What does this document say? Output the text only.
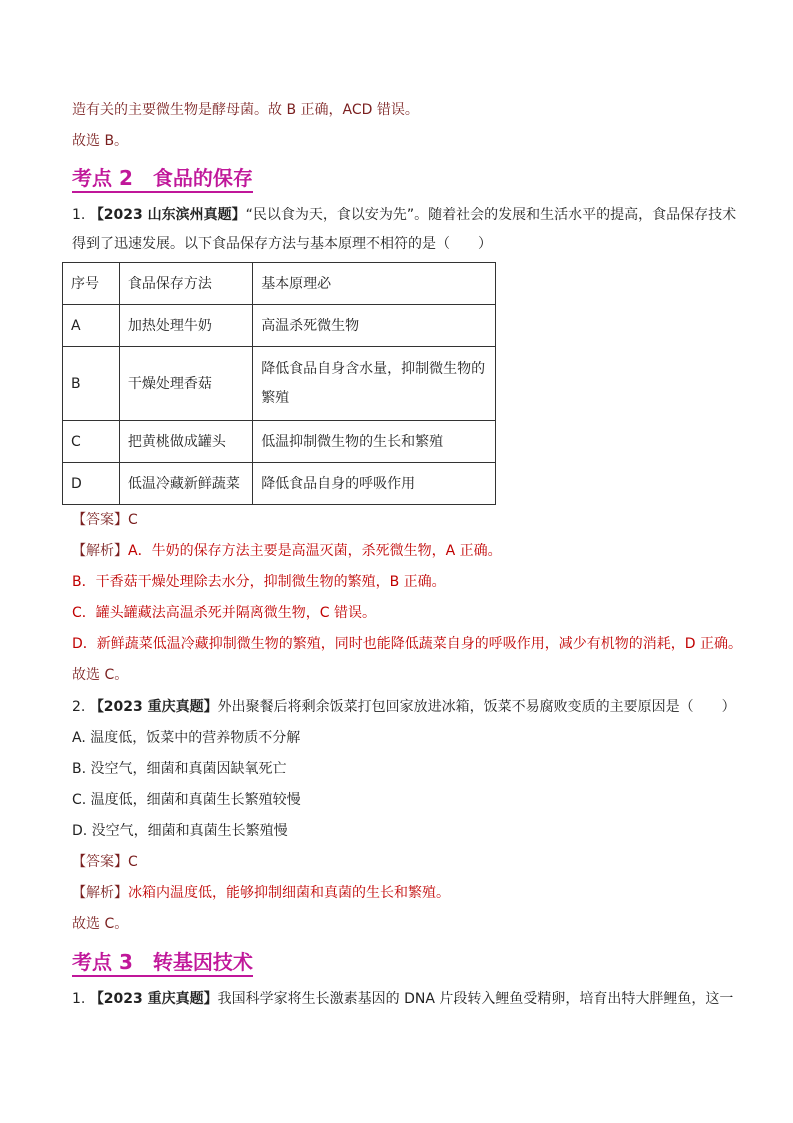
造有关的主要微生物是酵母菌。故 B 正确，ACD 错误。
故选 B。
考点 2　食品的保存
1. 【2023 山东滨州真题】“民以食为天，食以安为先”。随着社会的发展和生活水平的提高，食品保存技术
得到了迅速发展。以下食品保存方法与基本原理不相符的是（　　）
序号	食品保存方法	基本原理必
A	加热处理牛奶	高温杀死微生物
B	干燥处理香菇	降低食品自身含水量，抑制微生物的繁殖
C	把黄桃做成罐头	低温抑制微生物的生长和繁殖
D	低温冷藏新鲜蔬菜	降低食品自身的呼吸作用
【答案】C
【解析】A．牛奶的保存方法主要是高温灭菌，杀死微生物，A 正确。
B．干香菇干燥处理除去水分，抑制微生物的繁殖，B 正确。
C．罐头罐藏法高温杀死并隔离微生物，C 错误。
D．新鲜蔬菜低温冷藏抑制微生物的繁殖，同时也能降低蔬菜自身的呼吸作用，减少有机物的消耗，D 正确。
故选 C。
2. 【2023 重庆真题】外出聚餐后将剩余饭菜打包回家放进冰箱，饭菜不易腐败变质的主要原因是（　　）
A. 温度低，饭菜中的营养物质不分解
B. 没空气，细菌和真菌因缺氧死亡
C. 温度低，细菌和真菌生长繁殖较慢
D. 没空气，细菌和真菌生长繁殖慢
【答案】C
【解析】冰箱内温度低，能够抑制细菌和真菌的生长和繁殖。
故选 C。
考点 3　转基因技术
1. 【2023 重庆真题】我国科学家将生长激素基因的 DNA 片段转入鲤鱼受精卵，培育出特大胖鲤鱼，这一
